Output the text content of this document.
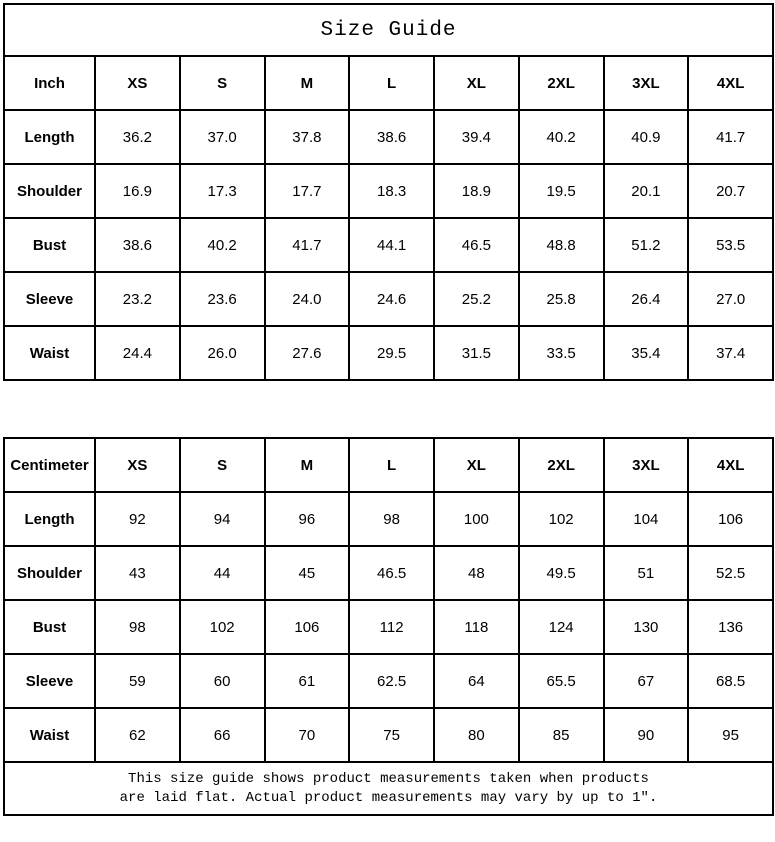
Size Guide								
Inch	XS	S	M	L	XL	2XL	3XL	4XL
Length	36.2	37.0	37.8	38.6	39.4	40.2	40.9	41.7
Shoulder	16.9	17.3	17.7	18.3	18.9	19.5	20.1	20.7
Bust	38.6	40.2	41.7	44.1	46.5	48.8	51.2	53.5
Sleeve	23.2	23.6	24.0	24.6	25.2	25.8	26.4	27.0
Waist	24.4	26.0	27.6	29.5	31.5	33.5	35.4	37.4
Centimeter	XS	S	M	L	XL	2XL	3XL	4XL
Length	92	94	96	98	100	102	104	106
Shoulder	43	44	45	46.5	48	49.5	51	52.5
Bust	98	102	106	112	118	124	130	136
Sleeve	59	60	61	62.5	64	65.5	67	68.5
Waist	62	66	70	75	80	85	90	95

This size guide shows product measurements taken when products
are laid flat. Actual product measurements may vary by up to 1″.								
